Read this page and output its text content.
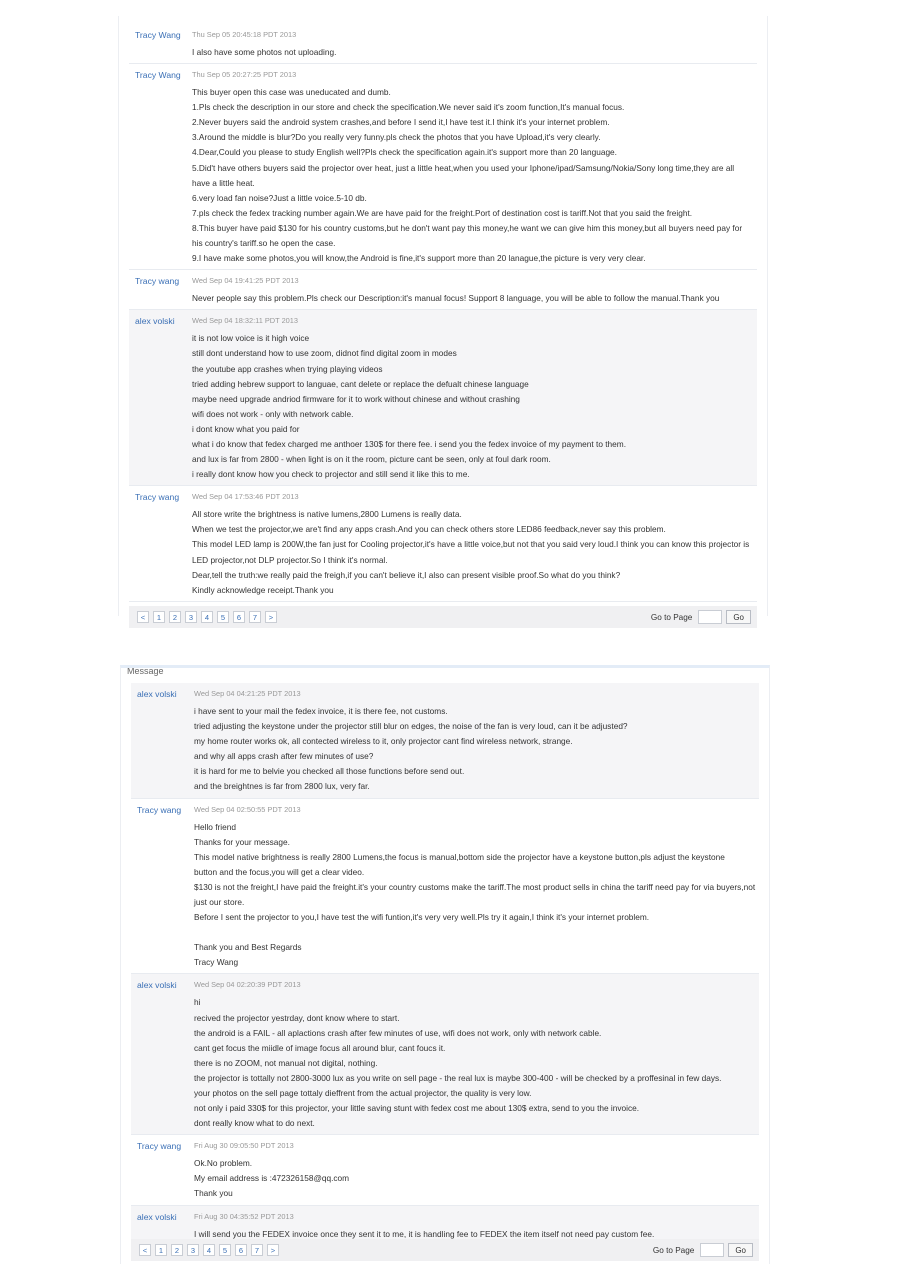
Tracy Wang	Thu Sep 05 20:45:18 PDT 2013
I also have some photos not uploading.
Tracy Wang	Thu Sep 05 20:27:25 PDT 2013
This buyer open this case was uneducated and dumb.
1.Pls check the description in our store and check the specification.We never said it's zoom function,It's manual focus.
2.Never buyers said the android system crashes,and before I send it,I have test it.I think it's your internet problem.
3.Around the middle is blur?Do you really very funny.pls check the photos that you have Upload,it's very clearly.
4.Dear,Could you please to study English well?Pls check the specification again.it's support more than 20 language.
5.Did't have others buyers said the projector over heat, just a little heat,when you used your Iphone/ipad/Samsung/Nokia/Sony long time,they are all
have a little heat.
6.very load fan noise?Just a little voice.5-10 db.
7.pls check the fedex tracking number again.We are have paid for the freight.Port of destination cost is tariff.Not that you said the freight.
8.This buyer have paid $130 for his country customs,but he don't want pay this money,he want we can give him this money,but all buyers need pay for
his country's tariff.so he open the case.
9.I have make some photos,you will know,the Android is fine,it's support more than 20 lanague,the picture is very very clear.
Tracy wang	Wed Sep 04 19:41:25 PDT 2013
Never people say this problem.Pls check our Description:it's manual focus! Support 8 language, you will be able to follow the manual.Thank you
alex volski	Wed Sep 04 18:32:11 PDT 2013
it is not low voice is it high voice
still dont understand how to use zoom, didnot find digital zoom in modes
the youtube app crashes when trying playing videos
tried adding hebrew support to languae, cant delete or replace the defualt chinese language
maybe need upgrade andriod firmware for it to work without chinese and without crashing
wifi does not work - only with network cable.
i dont know what you paid for
what i do know that fedex charged me anthoer 130$ for there fee. i send you the fedex invoice of my payment to them.
and lux is far from 2800 - when light is on it the room, picture cant be seen, only at foul dark room.
i really dont know how you check to projector and still send it like this to me.
Tracy wang	Wed Sep 04 17:53:46 PDT 2013
All store write the brightness is native lumens,2800 Lumens is really data.
When we test the projector,we are't find any apps crash.And you can check others store LED86 feedback,never say this problem.
This model LED lamp is 200W,the fan just for Cooling projector,it's have a little voice,but not that you said very loud.I think you can know this projector is
LED projector,not DLP projector.So I think it's normal.
Dear,tell the truth:we really paid the freigh,if you can't believe it,I also can present visible proof.So what do you think?
Kindly acknowledge receipt.Thank you
<	1	2	3	4	5	6	7	>	Go to Page	Go
Message
alex volski	Wed Sep 04 04:21:25 PDT 2013
i have sent to your mail the fedex invoice, it is there fee, not customs.
tried adjusting the keystone under the projector still blur on edges, the noise of the fan is very loud, can it be adjusted?
my home router works ok, all contected wireless to it, only projector cant find wireless network, strange.
and why all apps crash after few minutes of use?
it is hard for me to belvie you checked all those functions before send out.
and the breightnes is far from 2800 lux, very far.
Tracy wang	Wed Sep 04 02:50:55 PDT 2013
Hello friend
Thanks for your message.
This model native brightness is really 2800 Lumens,the focus is manual,bottom side the projector have a keystone button,pls adjust the keystone
button and the focus,you will get a clear video.
$130 is not the freight,I have paid the freight.it's your country customs make the tariff.The most product sells in china the tariff need pay for via buyers,not
just our store.
Before I sent the projector to you,I have test the wifi funtion,it's very very well.Pls try it again,I think it's your internet problem.
Thank you and Best Regards
Tracy Wang
alex volski	Wed Sep 04 02:20:39 PDT 2013
hi
recived the projector yestrday, dont know where to start.
the android is a FAIL - all aplactions crash after few minutes of use, wifi does not work, only with network cable.
cant get focus the miidle of image focus all around blur, cant foucs it.
there is no ZOOM, not manual not digital, nothing.
the projector is tottally not 2800-3000 lux as you write on sell page - the real lux is maybe 300-400 - will be checked by a proffesinal in few days.
your photos on the sell page tottaly dieffrent from the actual projector, the quality is very low.
not only i paid 330$ for this projector, your little saving stunt with fedex cost me about 130$ extra, send to you the invoice.
dont really know what to do next.
Tracy wang	Fri Aug 30 09:05:50 PDT 2013
Ok.No problem.
My email address is :472326158@qq.com
Thank you
alex volski	Fri Aug 30 04:35:52 PDT 2013
I will send you the FEDEX invoice once they sent it to me, it is handling fee to FEDEX the item itself not need pay custom fee.
<	1	2	3	4	5	6	7	>	Go to Page	Go
